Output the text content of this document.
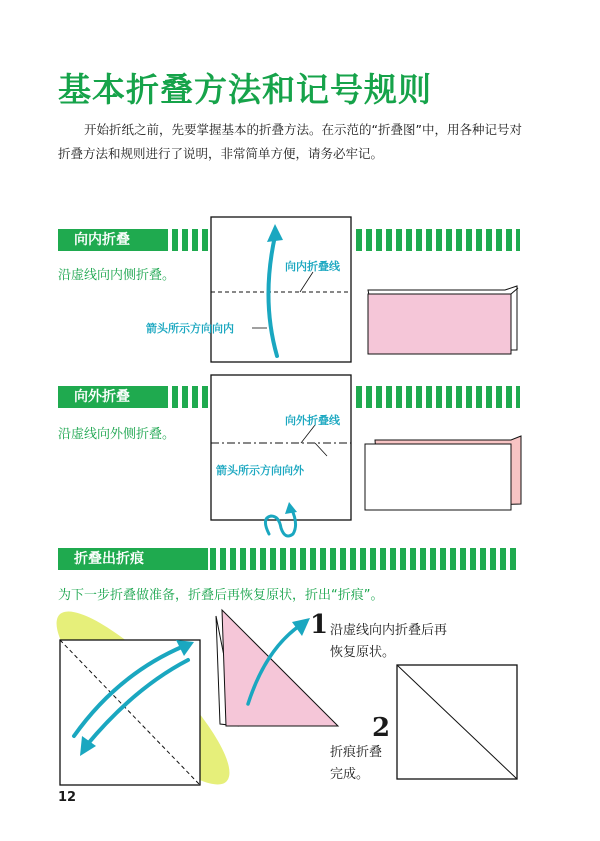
基本折叠方法和记号规则
开始折纸之前，先要掌握基本的折叠方法。在示范的“折叠图”中，用各种记号对折叠方法和规则进行了说明，非常简单方便，请务必牢记。
向内折叠
沿虚线向内侧折叠。
向内折叠线
箭头所示方向向内
向外折叠
沿虚线向外侧折叠。
向外折叠线
箭头所示方向向外
折叠出折痕
为下一步折叠做准备，折叠后再恢复原状，折出“折痕”。
1 沿虚线向内折叠后再
恢复原状。
2
折痕折叠
完成。
12
